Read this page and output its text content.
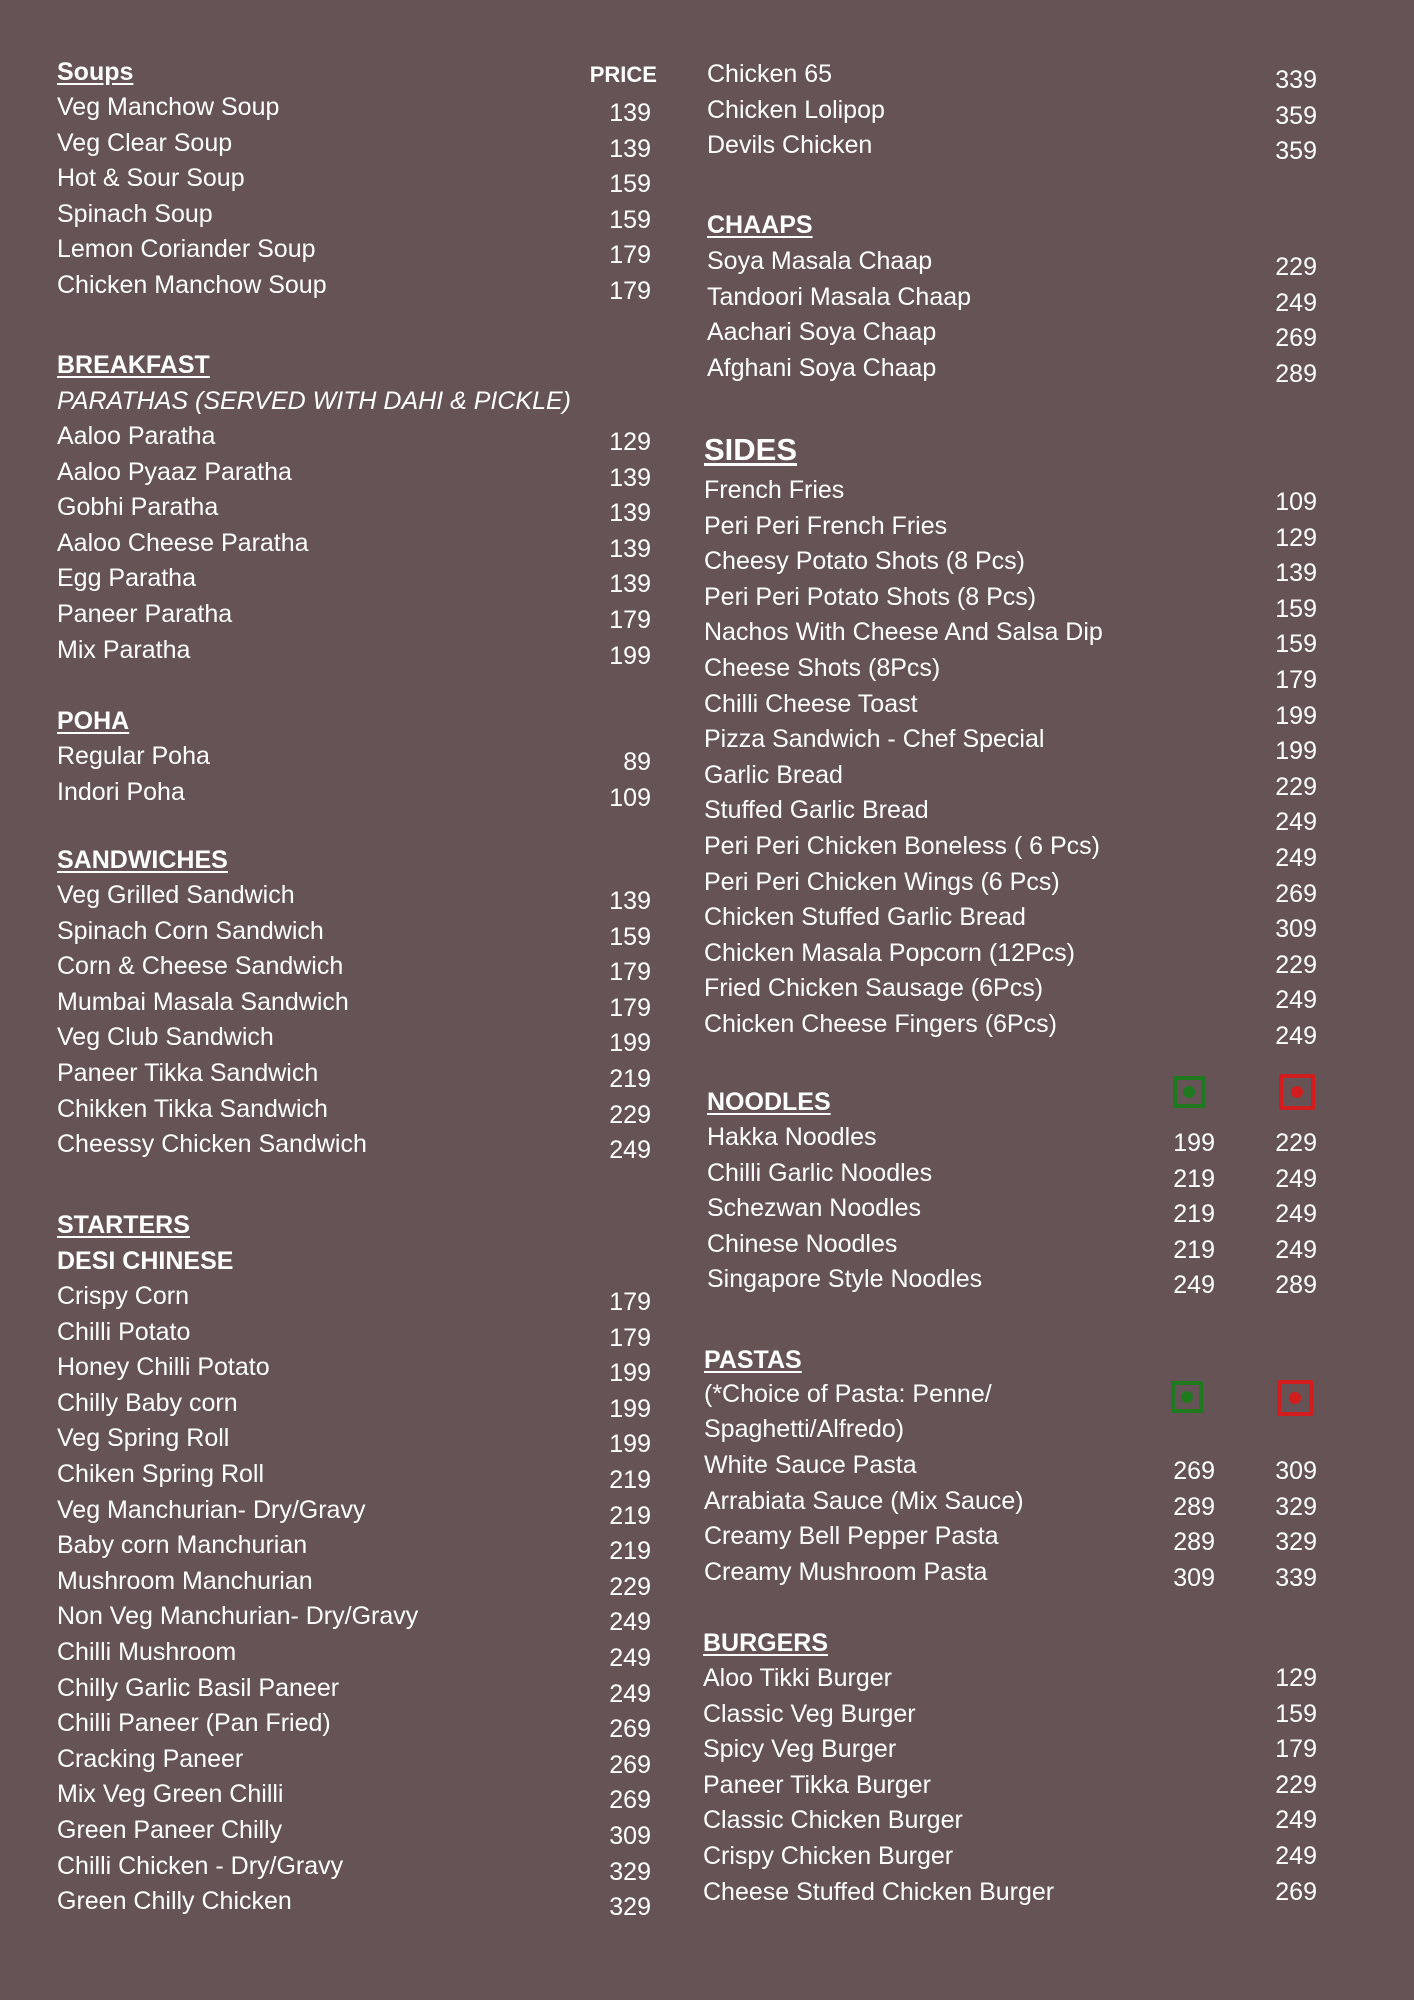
Soups	PRICE
Veg Manchow Soup	139
Veg Clear Soup	139
Hot & Sour Soup	159
Spinach Soup	159
Lemon Coriander Soup	179
Chicken Manchow Soup	179
BREAKFAST
PARATHAS (SERVED WITH DAHI & PICKLE)
Aaloo Paratha	129
Aaloo Pyaaz Paratha	139
Gobhi Paratha	139
Aaloo Cheese Paratha	139
Egg Paratha	139
Paneer Paratha	179
Mix Paratha	199
POHA
Regular Poha	89
Indori Poha	109
SANDWICHES
Veg Grilled Sandwich	139
Spinach Corn Sandwich	159
Corn & Cheese Sandwich	179
Mumbai Masala Sandwich	179
Veg Club Sandwich	199
Paneer Tikka Sandwich	219
Chikken Tikka Sandwich	229
Cheessy Chicken Sandwich	249
STARTERS
DESI CHINESE
Crispy Corn	179
Chilli Potato	179
Honey Chilli Potato	199
Chilly Baby corn	199
Veg Spring Roll	199
Chiken Spring Roll	219
Veg Manchurian- Dry/Gravy	219
Baby corn Manchurian	219
Mushroom Manchurian	229
Non Veg Manchurian- Dry/Gravy	249
Chilli Mushroom	249
Chilly Garlic Basil Paneer	249
Chilli Paneer (Pan Fried)	269
Cracking Paneer	269
Mix Veg Green Chilli	269
Green Paneer Chilly	309
Chilli Chicken - Dry/Gravy	329
Green Chilly Chicken	329
Chicken 65	339
Chicken Lolipop	359
Devils Chicken	359
CHAAPS
Soya Masala Chaap	229
Tandoori Masala Chaap	249
Aachari Soya Chaap	269
Afghani Soya Chaap	289
SIDES
French Fries	109
Peri Peri French Fries	129
Cheesy Potato Shots (8 Pcs)	139
Peri Peri Potato Shots (8 Pcs)	159
Nachos With Cheese And Salsa Dip	159
Cheese Shots (8Pcs)	179
Chilli Cheese Toast	199
Pizza Sandwich - Chef Special	199
Garlic Bread	229
Stuffed Garlic Bread	249
Peri Peri Chicken Boneless ( 6 Pcs)	249
Peri Peri Chicken Wings (6 Pcs)	269
Chicken Stuffed Garlic Bread	309
Chicken Masala Popcorn (12Pcs)	229
Fried Chicken Sausage (6Pcs)	249
Chicken Cheese Fingers (6Pcs)	249
NOODLES
Hakka Noodles	199 229
Chilli Garlic Noodles	219 249
Schezwan Noodles	219 249
Chinese Noodles	219 249
Singapore Style Noodles	249 289
PASTAS
(*Choice of Pasta: Penne/
Spaghetti/Alfredo)
White Sauce Pasta	269 309
Arrabiata Sauce (Mix Sauce)	289 329
Creamy Bell Pepper Pasta	289 329
Creamy Mushroom Pasta	309 339
BURGERS
Aloo Tikki Burger	129
Classic Veg Burger	159
Spicy Veg Burger	179
Paneer Tikka Burger	229
Classic Chicken Burger	249
Crispy Chicken Burger	249
Cheese Stuffed Chicken Burger	269
